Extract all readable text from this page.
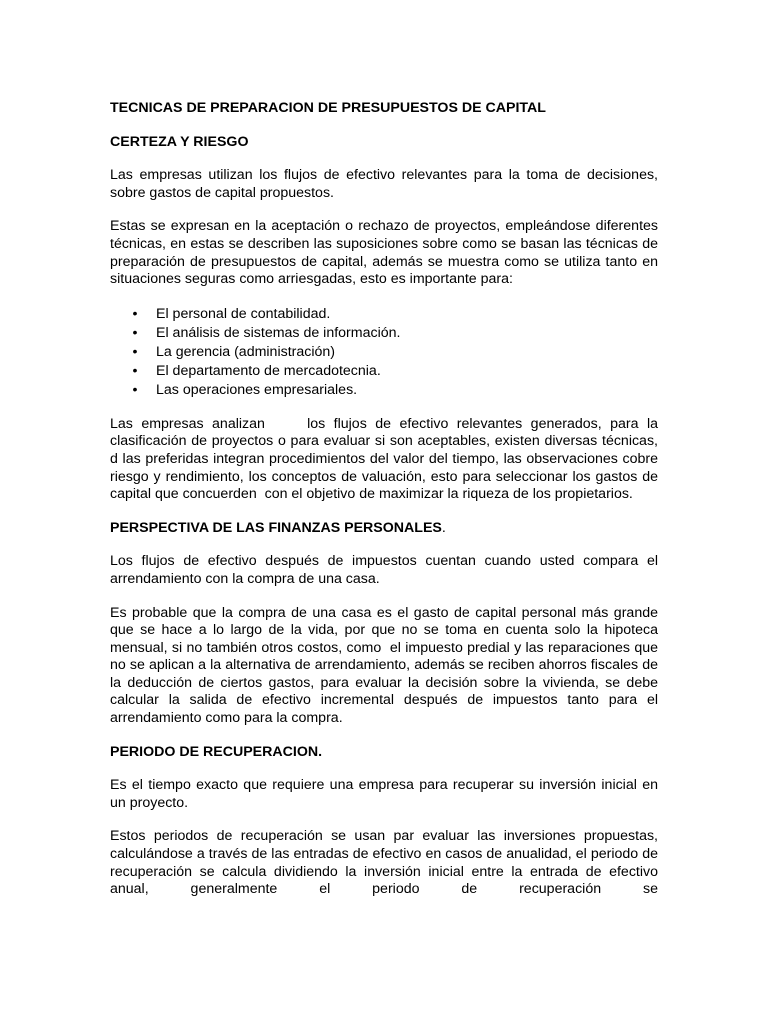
TECNICAS DE PREPARACION DE PRESUPUESTOS DE CAPITAL
CERTEZA Y RIESGO

Las empresas utilizan los flujos de efectivo relevantes para la toma de decisiones, sobre gastos de capital propuestos.

Estas se expresan en la aceptación o rechazo de proyectos, empleándose diferentes técnicas, en estas se describen las suposiciones sobre como se basan las técnicas de preparación de presupuestos de capital, además se muestra como se utiliza tanto en situaciones seguras como arriesgadas, esto es importante para:

• El personal de contabilidad.
• El análisis de sistemas de información.
• La gerencia (administración)
• El departamento de mercadotecnia.
• Las operaciones empresariales.

Las empresas analizan     los flujos de efectivo relevantes generados, para la clasificación de proyectos o para evaluar si son aceptables, existen diversas técnicas, d las preferidas integran procedimientos del valor del tiempo, las observaciones cobre riesgo y rendimiento, los conceptos de valuación, esto para seleccionar los gastos de capital que concuerden  con el objetivo de maximizar la riqueza de los propietarios.

PERSPECTIVA DE LAS FINANZAS PERSONALES.

Los flujos de efectivo después de impuestos cuentan cuando usted compara el arrendamiento con la compra de una casa.

Es probable que la compra de una casa es el gasto de capital personal más grande que se hace a lo largo de la vida, por que no se toma en cuenta solo la hipoteca mensual, si no también otros costos, como  el impuesto predial y las reparaciones que no se aplican a la alternativa de arrendamiento, además se reciben ahorros fiscales de la deducción de ciertos gastos, para evaluar la decisión sobre la vivienda, se debe calcular la salida de efectivo incremental después de impuestos tanto para el arrendamiento como para la compra.

PERIODO DE RECUPERACION.

Es el tiempo exacto que requiere una empresa para recuperar su inversión inicial en un proyecto.

Estos periodos de recuperación se usan par evaluar las inversiones propuestas, calculándose a través de las entradas de efectivo en casos de anualidad, el periodo de recuperación se calcula dividiendo la inversión inicial entre la entrada de efectivo anual, generalmente el periodo de recuperación se
